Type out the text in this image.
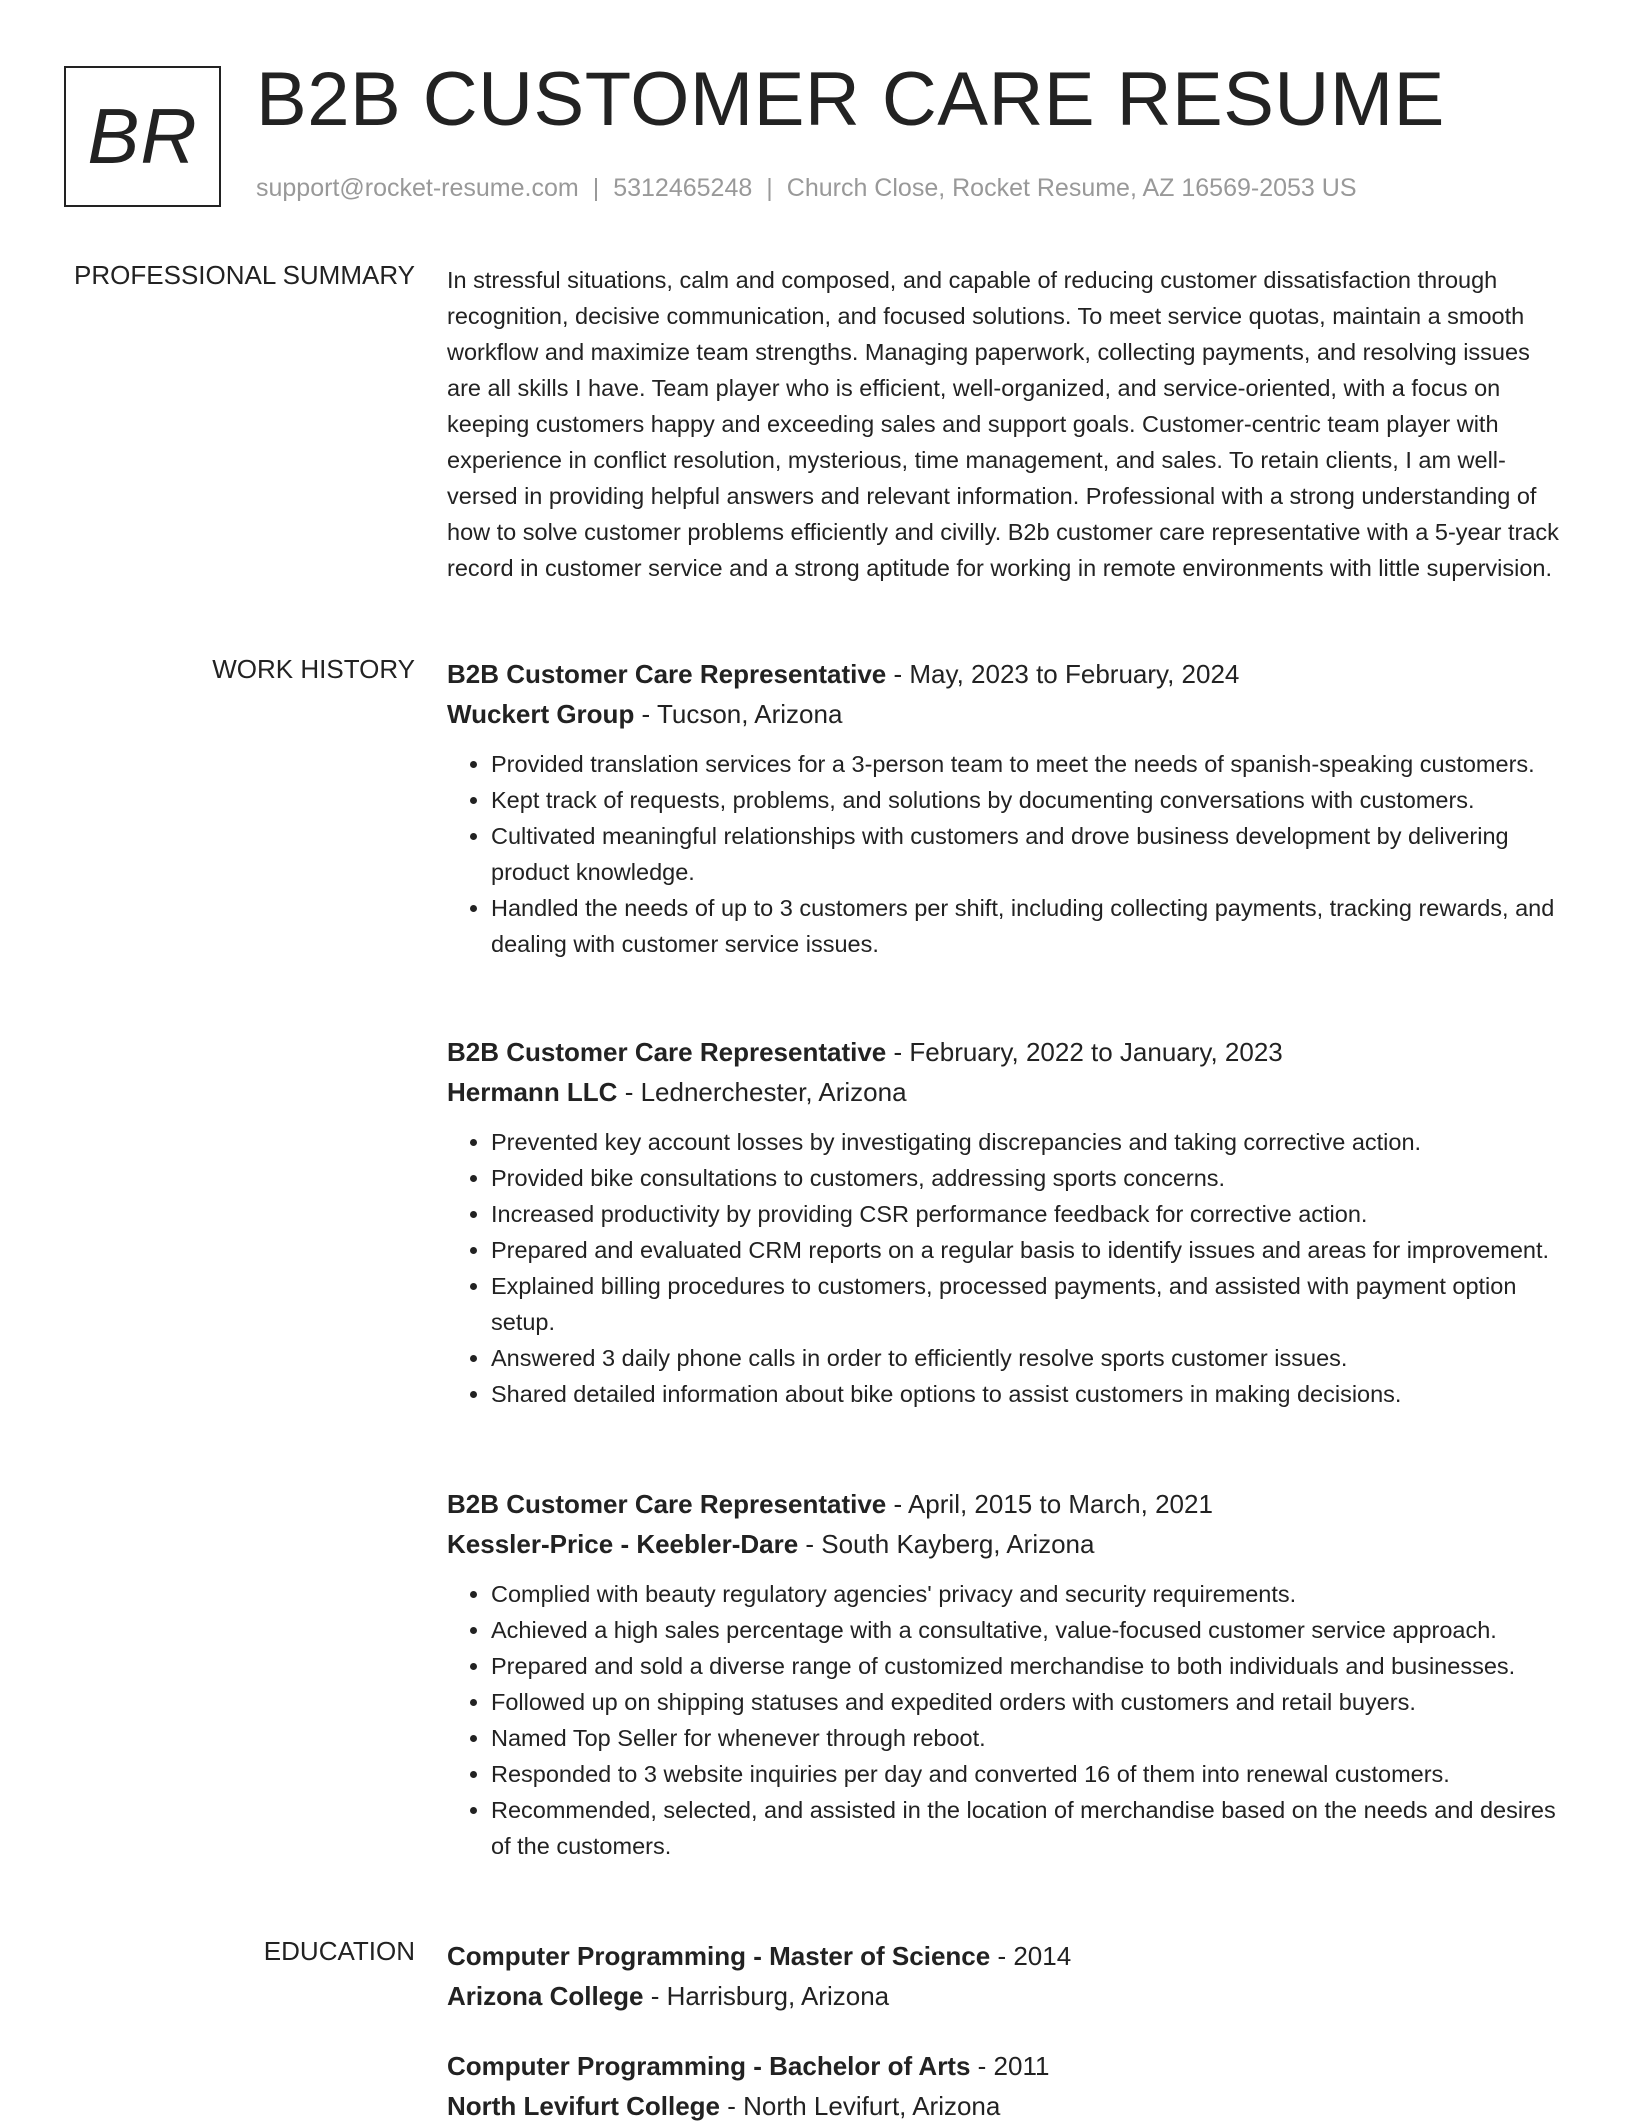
BR B2B CUSTOMER CARE RESUME
support@rocket-resume.com | 5312465248 | Church Close, Rocket Resume, AZ 16569-2053 US
PROFESSIONAL SUMMARY In stressful situations, calm and composed, and capable of reducing customer dissatisfaction through recognition, decisive communication, and focused solutions. To meet service quotas, maintain a smooth workflow and maximize team strengths. Managing paperwork, collecting payments, and resolving issues are all skills I have. Team player who is efficient, well-organized, and service-oriented, with a focus on keeping customers happy and exceeding sales and support goals. Customer-centric team player with experience in conflict resolution, mysterious, time management, and sales. To retain clients, I am well-versed in providing helpful answers and relevant information. Professional with a strong understanding of how to solve customer problems efficiently and civilly. B2b customer care representative with a 5-year track record in customer service and a strong aptitude for working in remote environments with little supervision.

WORK HISTORY B2B Customer Care Representative - May, 2023 to February, 2024
Wuckert Group - Tucson, Arizona
• Provided translation services for a 3-person team to meet the needs of spanish-speaking customers.
• Kept track of requests, problems, and solutions by documenting conversations with customers.
• Cultivated meaningful relationships with customers and drove business development by delivering product knowledge.
• Handled the needs of up to 3 customers per shift, including collecting payments, tracking rewards, and dealing with customer service issues.
B2B Customer Care Representative - February, 2022 to January, 2023
Hermann LLC - Lednerchester, Arizona
• Prevented key account losses by investigating discrepancies and taking corrective action.
• Provided bike consultations to customers, addressing sports concerns.
• Increased productivity by providing CSR performance feedback for corrective action.
• Prepared and evaluated CRM reports on a regular basis to identify issues and areas for improvement.
• Explained billing procedures to customers, processed payments, and assisted with payment option setup.
• Answered 3 daily phone calls in order to efficiently resolve sports customer issues.
• Shared detailed information about bike options to assist customers in making decisions.
B2B Customer Care Representative - April, 2015 to March, 2021
Kessler-Price - Keebler-Dare - South Kayberg, Arizona
• Complied with beauty regulatory agencies' privacy and security requirements.
• Achieved a high sales percentage with a consultative, value-focused customer service approach.
• Prepared and sold a diverse range of customized merchandise to both individuals and businesses.
• Followed up on shipping statuses and expedited orders with customers and retail buyers.
• Named Top Seller for whenever through reboot.
• Responded to 3 website inquiries per day and converted 16 of them into renewal customers.
• Recommended, selected, and assisted in the location of merchandise based on the needs and desires of the customers.
EDUCATION Computer Programming - Master of Science - 2014
Arizona College - Harrisburg, Arizona
Computer Programming - Bachelor of Arts - 2011
North Levifurt College - North Levifurt, Arizona
